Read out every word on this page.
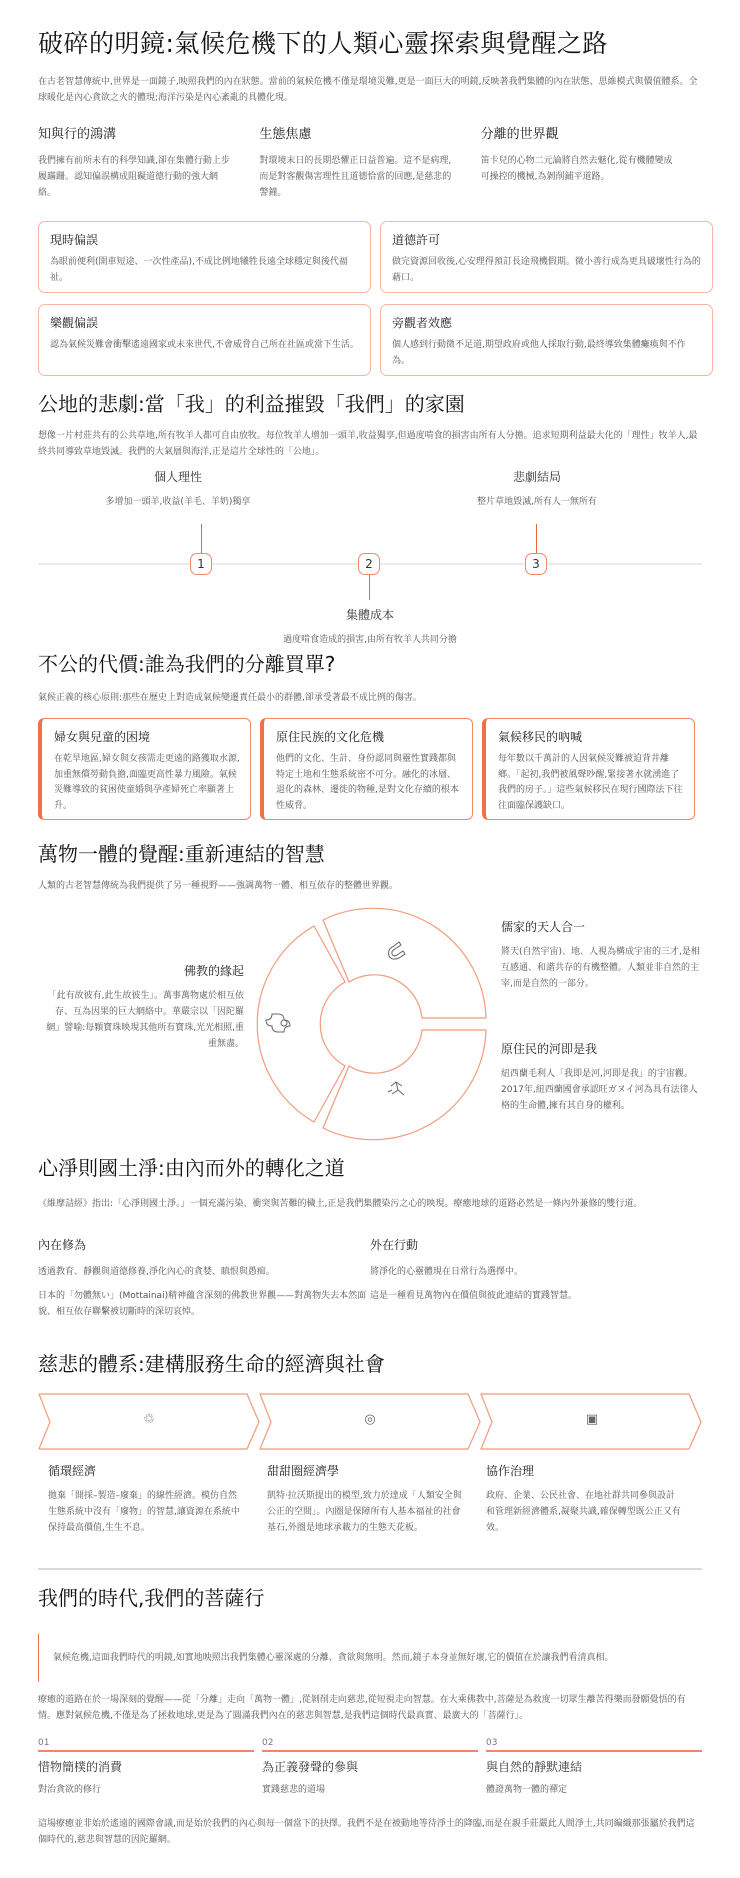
破碎的明鏡:氣候危機下的人類心靈探索與覺醒之路

在古老智慧傳統中,世界是一面鏡子,映照我們的內在狀態。當前的氣候危機不僅是環境災難,更是一面巨大的明鏡,反映著我們集體的內在狀態、思維模式與價值體系。全球暖化是內心貪欲之火的體現;海洋污染是內心紊亂的具體化現。

知與行的鴻溝

我們擁有前所未有的科學知識,卻在集體行動上步履蹣跚。認知偏誤構成阻礙道德行動的強大網絡。

生態焦慮

對環境末日的長期恐懼正日益普遍。這不是病理,而是對客觀傷害理性且道德恰當的回應,是慈悲的警鐘。

分離的世界觀

笛卡兒的心物二元論將自然去魅化,從有機體變成可操控的機械,為剝削鋪平道路。

現時偏誤

為眼前便利(開車短途、一次性產品),不成比例地犧牲長遠全球穩定與後代福祉。

道德許可

做完資源回收後,心安理得預訂長途飛機假期。微小善行成為更具破壞性行為的藉口。

樂觀偏誤

認為氣候災難會衝擊遙遠國家或未來世代,不會威脅自己所在社區或當下生活。

旁觀者效應

個人感到行動微不足道,期望政府或他人採取行動,最終導致集體癱瘓與不作為。

公地的悲劇:當「我」的利益摧毀「我們」的家園

想像一片村莊共有的公共草地,所有牧羊人都可自由放牧。每位牧羊人增加一頭羊,收益獨享,但過度啃食的損害由所有人分擔。追求短期利益最大化的「理性」牧羊人,最終共同導致草地毀滅。我們的大氣層與海洋,正是這片全球性的「公地」。

個人理性
多增加一頭羊,收益(羊毛、羊奶)獨享
1	2
集體成本
過度啃食造成的損害,由所有牧羊人共同分擔
悲劇結局
整片草地毀滅,所有人一無所有
3
不公的代價:誰為我們的分離買單?

氣候正義的核心原則:那些在歷史上對造成氣候變遷責任最小的群體,卻承受著最不成比例的傷害。

婦女與兒童的困境

在乾旱地區,婦女與女孩需走更遠的路獲取水源,加重無償勞動負擔,面臨更高性暴力風險。氣候災難導致的貧困使童婚與孕產婦死亡率顯著上升。

原住民族的文化危機

他們的文化、生計、身份認同與靈性實踐都與特定土地和生態系統密不可分。融化的冰層、退化的森林、遷徙的物種,是對文化存續的根本性威脅。

氣候移民的吶喊

每年數以千萬計的人因氣候災難被迫背井離鄉。「起初,我們被風聲吵醒,緊接著水就湧進了我們的房子。」這些氣候移民在現行國際法下往往面臨保護缺口。

萬物一體的覺醒:重新連結的智慧

人類的古老智慧傳統為我們提供了另一種視野——強調萬物一體、相互依存的整體世界觀。

佛教的緣起

「此有故彼有,此生故彼生」。萬事萬物處於相互依存、互為因果的巨大網絡中。華嚴宗以「因陀羅網」譬喻:每顆寶珠映現其他所有寶珠,光光相照,重重無盡。

儒家的天人合一

將天(自然宇宙)、地、人視為構成宇宙的三才,是相互感通、和諧共存的有機整體。人類並非自然的主宰,而是自然的一部分。

原住民的河即是我

紐西蘭毛利人「我即是河,河即是我」的宇宙觀。2017年,紐西蘭國會承認旺ガヌイ河為具有法律人格的生命體,擁有其自身的權利。

心淨則國土淨:由內而外的轉化之道

《維摩詰經》指出:「心淨則國土淨。」一個充滿污染、衝突與苦難的穢土,正是我們集體染污之心的映現。療癒地球的道路必然是一條內外兼修的雙行道。

內在修為

透過教育、靜觀與道德修養,淨化內心的貪婪、瞋恨與愚痴。

日本的「勿體無い」(Mottainai)精神蘊含深刻的佛教世界觀——對萬物失去本然面貌、相互依存聯繫被切斷時的深切哀悼。

外在行動

將淨化的心靈體現在日常行為選擇中。

這是一種看見萬物內在價值與彼此連結的實踐智慧。

慈悲的體系:建構服務生命的經濟與社會
♲	◎	▣
循環經濟

拋棄「開採–製造–廢棄」的線性經濟。模仿自然生態系統中沒有「廢物」的智慧,讓資源在系統中保持最高價值,生生不息。

甜甜圈經濟學

凱特·拉沃斯提出的模型,致力於達成「人類安全與公正的空間」。內圈是保障所有人基本福祉的社會基石,外圈是地球承載力的生態天花板。

協作治理

政府、企業、公民社會、在地社群共同參與設計和管理新經濟體系,凝聚共識,確保轉型既公正又有效。

我們的時代,我們的菩薩行

氣候危機,這面我們時代的明鏡,如實地映照出我們集體心靈深處的分離、貪欲與無明。然而,鏡子本身並無好壞,它的價值在於讓我們看清真相。

療癒的道路在於一場深刻的覺醒——從「分離」走向「萬物一體」,從剝削走向慈悲,從短視走向智慧。在大乘佛教中,菩薩是為救度一切眾生離苦得樂而發願覺悟的有情。應對氣候危機,不僅是為了拯救地球,更是為了圓滿我們內在的慈悲與智慧,是我們這個時代最真實、最廣大的「菩薩行」。

01
惜物簡樸的消費
對治貪欲的修行
02
為正義發聲的參與
實踐慈悲的道場
03
與自然的靜默連結
體證萬物一體的禪定

這場療癒並非始於遙遠的國際會議,而是始於我們的內心與每一個當下的抉擇。我們不是在被動地等待淨土的降臨,而是在親手莊嚴此人間淨土,共同編織那張屬於我們這個時代的,慈悲與智慧的因陀羅網。
